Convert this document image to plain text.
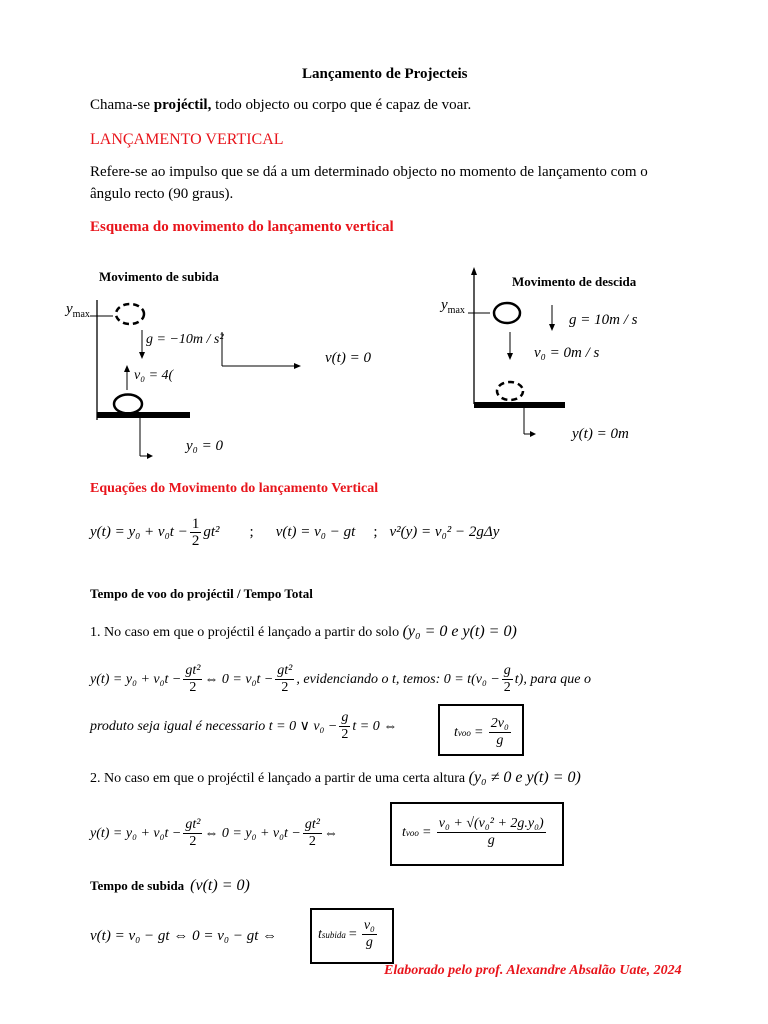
Lançamento de Projecteis
Chama-se projéctil, todo objecto ou corpo que é capaz de voar.
LANÇAMENTO VERTICAL
Refere-se ao impulso que se dá a um determinado objecto no momento de lançamento com o
ângulo recto (90 graus).
Esquema do movimento do lançamento vertical
Movimento de subida
$y_{max}$
g = −10m / s²
v₀ = 4(
v(t) = 0
y₀ = 0
Movimento de descida
$y_{max}$
g = 10m / s
v₀ = 0m / s
y(t) = 0m
Equações do Movimento do lançamento Vertical
$y(t) = y_0 + v_0t - \frac{1}{2} gt^2$ ; v(t) = v₀ − gt ; v²(y) = v₀² − 2gΔy
Tempo de voo do projéctil / Tempo Total
1. No caso em que o projéctil é lançado a partir do solo (y₀ = 0 e y(t) = 0)
$y(t) = y_0 + v_0t - \frac{\text{gt²}}{2}$ ⇔ $0 = v_0t - \frac{\text{gt²}}{2}$ , evidenciando o t, temos: $0 = t(v_0 - \frac{g}{2} t)$, para que o
produto seja igual é necessario t = 0 ∨ $v_0 - \frac{g}{2}$ t = 0 ⇔	t voo = $\frac{\text{2v₀}}{g}$
2. No caso em que o projéctil é lançado a partir de uma certa altura (y₀ ≠ 0 e y(t) = 0)
$y(t) = y_0 + v_0t - \frac{\text{gt²}}{2}$ ⇔ $0 = y_0 + v_0t - \frac{\text{gt²}}{2}$ ⇔	t voo = $\frac{\text{v₀ + √(v₀² + 2g.y₀)}}{g}$
Tempo de subida (v(t) = 0)
v(t) = v₀ − gt ⇔ 0 = v₀ − gt ⇔	t subida = $\frac{\text{v₀}}{g}$
Elaborado pelo prof. Alexandre Absalão Uate, 2024
